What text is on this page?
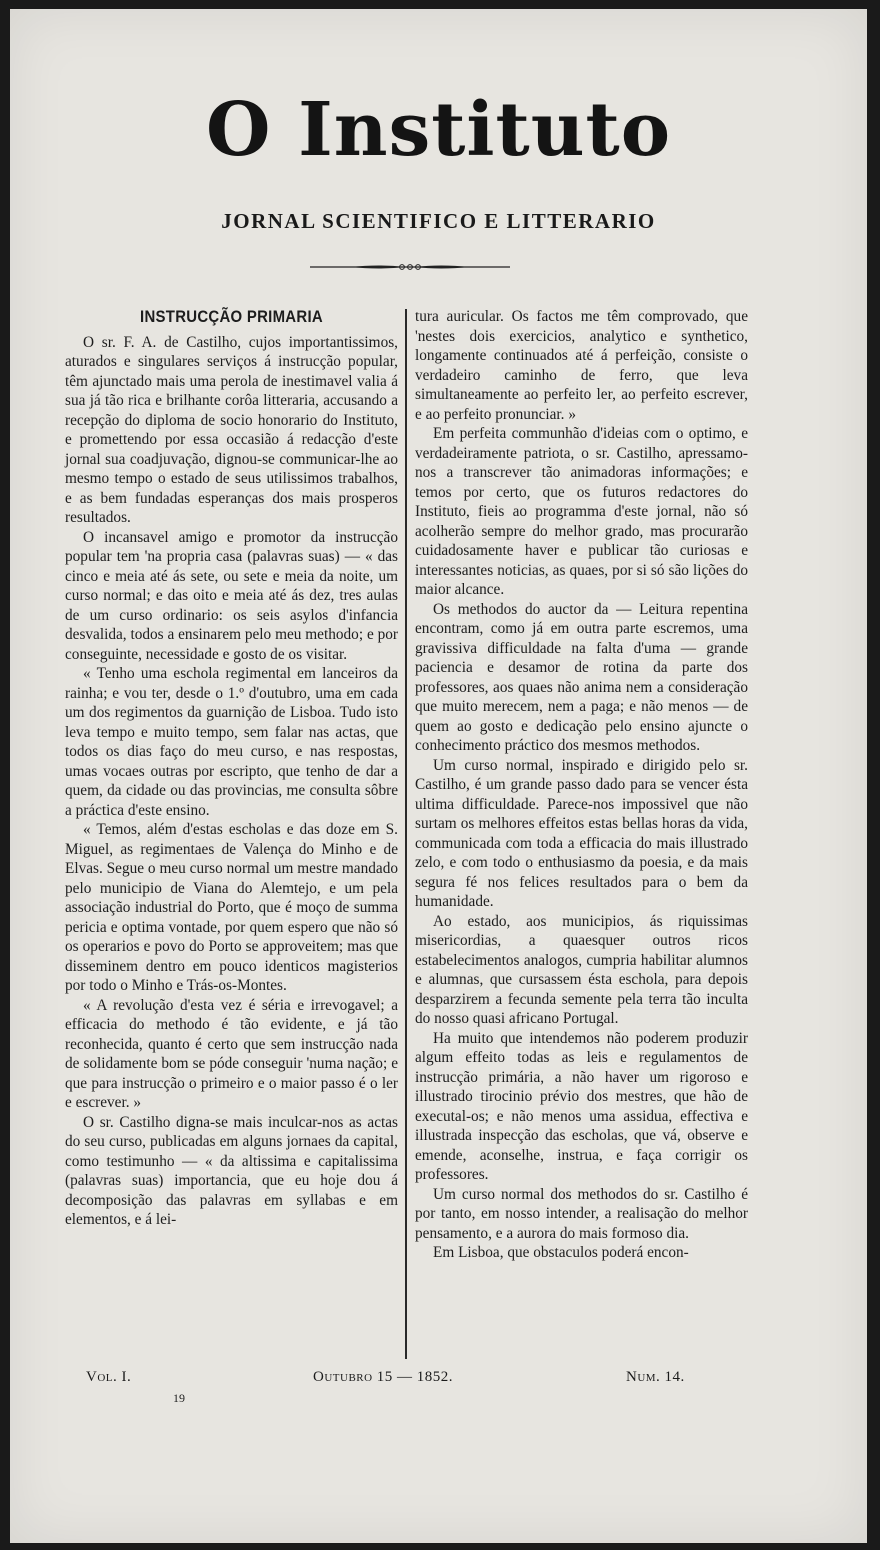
O Instituto
JORNAL SCIENTIFICO E LITTERARIO
INSTRUCÇÃO PRIMARIA

O sr. F. A. de Castilho, cujos importantissimos, aturados e singulares serviços á instrucção popular, têm ajunctado mais uma perola de inestimavel valia á sua já tão rica e brilhante corôa litteraria, accusando a recepção do diploma de socio honorario do Instituto, e promettendo por essa occasião á redacção d'este jornal sua coadjuvação, dignou-se communicar-lhe ao mesmo tempo o estado de seus utilissimos trabalhos, e as bem fundadas esperanças dos mais prosperos resultados.

O incansavel amigo e promotor da instrucção popular tem 'na propria casa (palavras suas) — « das cinco e meia até ás sete, ou sete e meia da noite, um curso normal; e das oito e meia até ás dez, tres aulas de um curso ordinario: os seis asylos d'infancia desvalida, todos a ensinarem pelo meu methodo; e por conseguinte, necessidade e gosto de os visitar.

« Tenho uma eschola regimental em lanceiros da rainha; e vou ter, desde o 1.º d'outubro, uma em cada um dos regimentos da guarnição de Lisboa. Tudo isto leva tempo e muito tempo, sem falar nas actas, que todos os dias faço do meu curso, e nas respostas, umas vocaes outras por escripto, que tenho de dar a quem, da cidade ou das provincias, me consulta sôbre a práctica d'este ensino.

« Temos, além d'estas escholas e das doze em S. Miguel, as regimentaes de Valença do Minho e de Elvas. Segue o meu curso normal um mestre mandado pelo municipio de Viana do Alemtejo, e um pela associação industrial do Porto, que é moço de summa pericia e optima vontade, por quem espero que não só os operarios e povo do Porto se approveitem; mas que disseminem dentro em pouco identicos magisterios por todo o Minho e Trás-os-Montes.

« A revolução d'esta vez é séria e irrevogavel; a efficacia do methodo é tão evidente, e já tão reconhecida, quanto é certo que sem instrucção nada de solidamente bom se póde conseguir 'numa nação; e que para instrucção o primeiro e o maior passo é o ler e escrever. »

O sr. Castilho digna-se mais inculcar-nos as actas do seu curso, publicadas em alguns jornaes da capital, como testimunho — « da altissima e capitalissima (palavras suas) importancia, que eu hoje dou á decomposição das palavras em syllabas e em elementos, e á lei-

tura auricular. Os factos me têm comprovado, que 'nestes dois exercicios, analytico e synthetico, longamente continuados até á perfeição, consiste o verdadeiro caminho de ferro, que leva simultaneamente ao perfeito ler, ao perfeito escrever, e ao perfeito pronunciar. »

Em perfeita communhão d'ideias com o optimo, e verdadeiramente patriota, o sr. Castilho, apressamo-nos a transcrever tão animadoras informações; e temos por certo, que os futuros redactores do Instituto, fieis ao programma d'este jornal, não só acolherão sempre do melhor grado, mas procurarão cuidadosamente haver e publicar tão curiosas e interessantes noticias, as quaes, por si só são lições do maior alcance.

Os methodos do auctor da — Leitura repentina encontram, como já em outra parte escremos, uma gravissiva difficuldade na falta d'uma — grande paciencia e desamor de rotina da parte dos professores, aos quaes não anima nem a consideração que muito merecem, nem a paga; e não menos — de quem ao gosto e dedicação pelo ensino ajuncte o conhecimento práctico dos mesmos methodos.

Um curso normal, inspirado e dirigido pelo sr. Castilho, é um grande passo dado para se vencer ésta ultima difficuldade. Parece-nos impossivel que não surtam os melhores effeitos estas bellas horas da vida, communicada com toda a efficacia do mais illustrado zelo, e com todo o enthusiasmo da poesia, e da mais segura fé nos felices resultados para o bem da humanidade.

Ao estado, aos municipios, ás riquissimas misericordias, a quaesquer outros ricos estabelecimentos analogos, cumpria habilitar alumnos e alumnas, que cursassem ésta eschola, para depois desparzirem a fecunda semente pela terra tão inculta do nosso quasi africano Portugal.

Ha muito que intendemos não poderem produzir algum effeito todas as leis e regulamentos de instrucção primária, a não haver um rigoroso e illustrado tirocinio prévio dos mestres, que hão de executal-os; e não menos uma assidua, effectiva e illustrada inspecção das escholas, que vá, observe e emende, aconselhe, instrua, e faça corrigir os professores.

Um curso normal dos methodos do sr. Castilho é por tanto, em nosso intender, a realisação do melhor pensamento, e a aurora do mais formoso dia.

Em Lisboa, que obstaculos poderá encon-

Vol. I.	Outubro 15 — 1852.	Num. 14.
19
